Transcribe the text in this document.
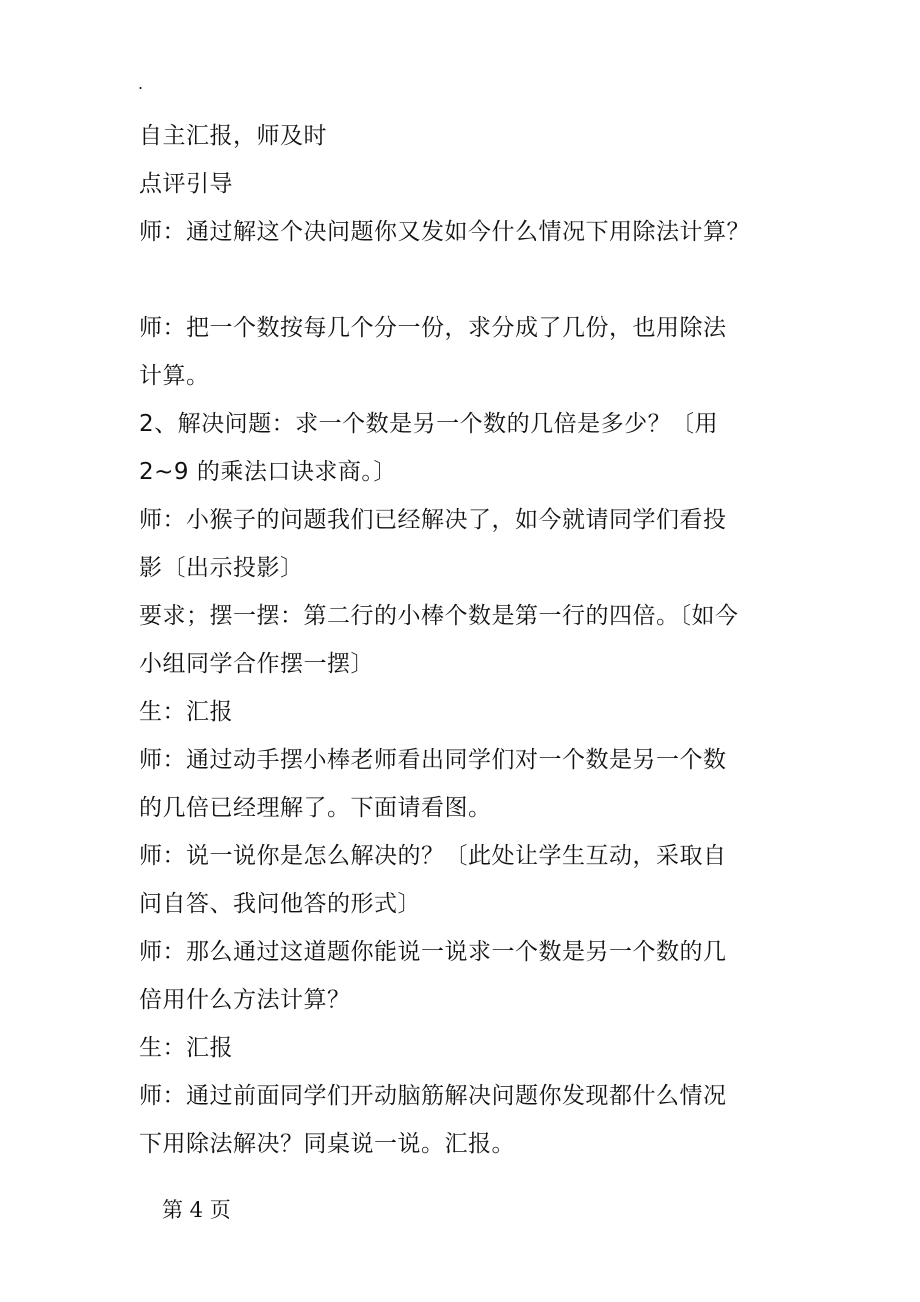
.
自主汇报，师及时
点评引导
师：通过解这个决问题你又发如今什么情况下用除法计算？
师：把一个数按每几个分一份，求分成了几份，也用除法
计算。
2、解决问题：求一个数是另一个数的几倍是多少？〔用
2~9 的乘法口诀求商。〕
师：小猴子的问题我们已经解决了，如今就请同学们看投
影〔出示投影〕
要求；摆一摆：第二行的小棒个数是第一行的四倍。〔如今
小组同学合作摆一摆〕
生：汇报
师：通过动手摆小棒老师看出同学们对一个数是另一个数
的几倍已经理解了。下面请看图。
师：说一说你是怎么解决的？〔此处让学生互动，采取自
问自答、我问他答的形式〕
师：那么通过这道题你能说一说求一个数是另一个数的几
倍用什么方法计算？
生：汇报
师：通过前面同学们开动脑筋解决问题你发现都什么情况
下用除法解决？同桌说一说。汇报。
第 4 页
